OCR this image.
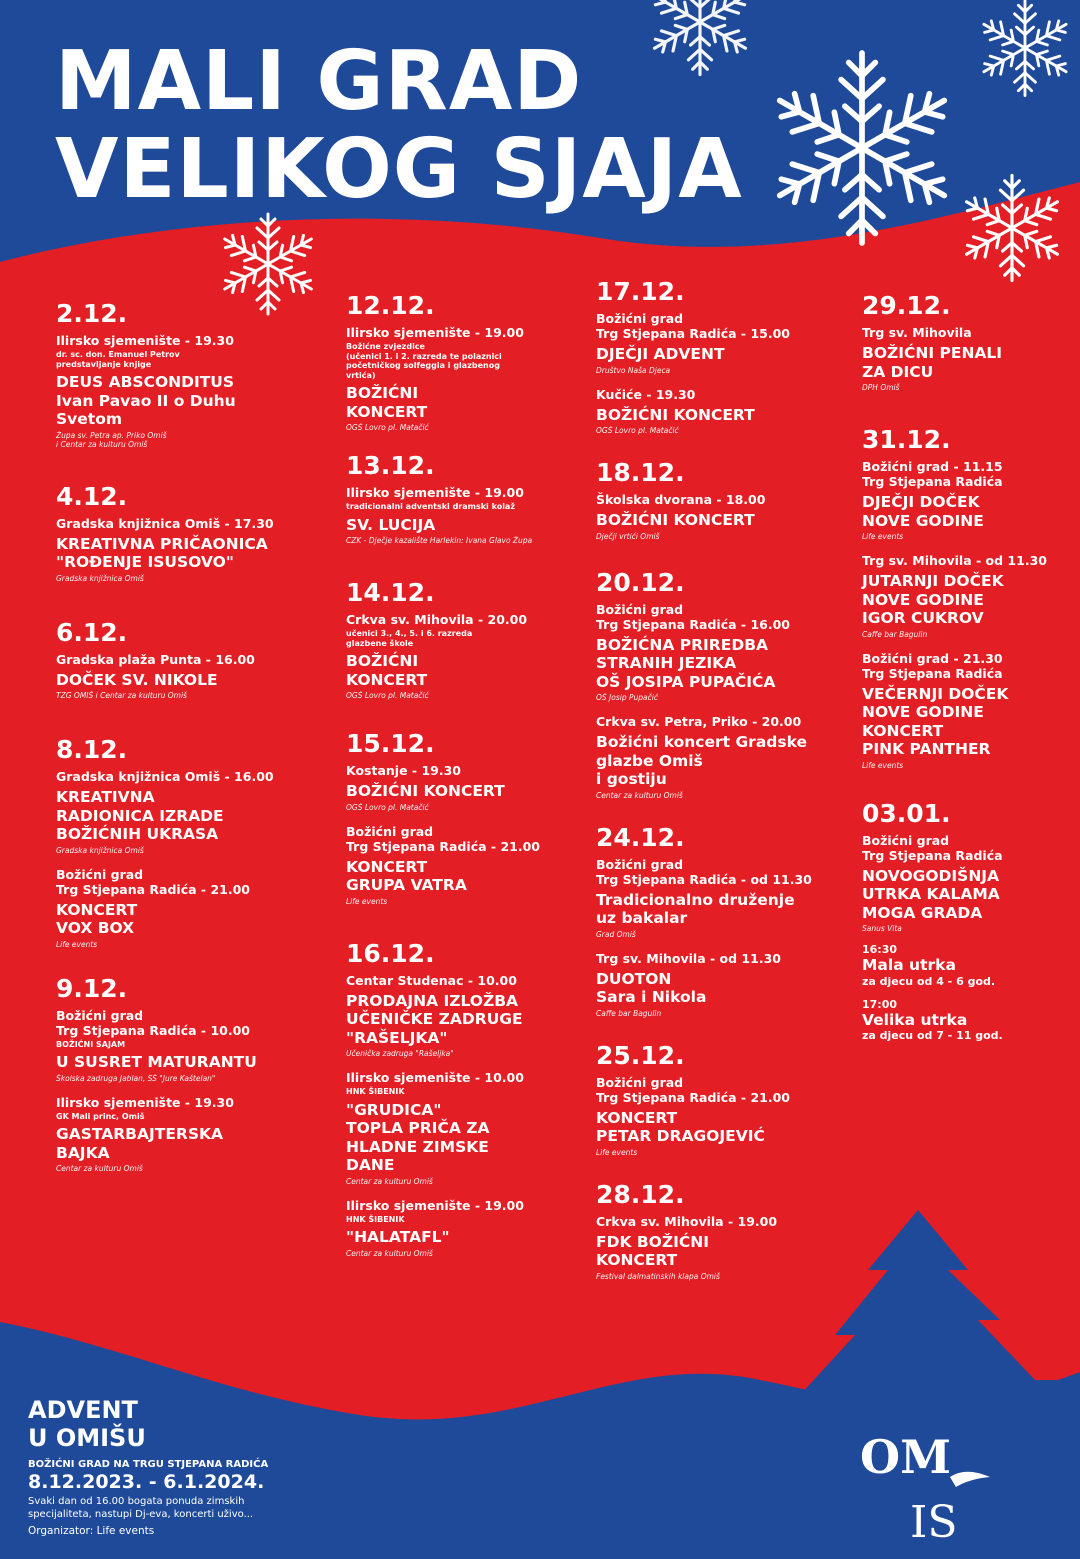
MALI GRAD
VELIKOG SJAJA

2.12.

Ilirsko sjemenište - 19.30

dr. sc. don. Emanuel Petrov
predstavljanje knjige

DEUS ABSCONDITUS
Ivan Pavao II o Duhu
Svetom

Župa sv. Petra ap. Priko Omiš
i Centar za kulturu Omiš

4.12.

Gradska knjižnica Omiš - 17.30

KREATIVNA PRIČAONICA
"ROĐENJE ISUSOVO"

Gradska knjižnica Omiš

6.12.

Gradska plaža Punta - 16.00

DOČEK SV. NIKOLE

TZG OMIŠ i Centar za kulturu Omiš

8.12.

Gradska knjižnica Omiš - 16.00

KREATIVNA
RADIONICA IZRADE
BOŽIĆNIH UKRASA

Gradska knjižnica Omiš

Božićni grad
Trg Stjepana Radića - 21.00

KONCERT
VOX BOX

Life events

9.12.

Božićni grad
Trg Stjepana Radića - 10.00

BOŽIĆNI SAJAM

U SUSRET MATURANTU

Školska zadruga Jablan, SŠ "Jure Kaštelan"

Ilirsko sjemenište - 19.30

GK Mali princ, Omiš

GASTARBAJTERSKA
BAJKA

Centar za kulturu Omiš

12.12.

Ilirsko sjemenište - 19.00

Božićne zvjezdice
(učenici 1. i 2. razreda te polaznici
početničkog solfeggia i glazbenog
vrtića)

BOŽIĆNI
KONCERT

OGŠ Lovro pl. Matačić

13.12.

Ilirsko sjemenište - 19.00

tradicionalni adventski dramski kolaž

SV. LUCIJA

CZK - Dječje kazalište Harlekin: Ivana Glavo Župa

14.12.

Crkva sv. Mihovila - 20.00

učenici 3., 4., 5. i 6. razreda
glazbene škole

BOŽIĆNI
KONCERT

OGŠ Lovro pl. Matačić

15.12.

Kostanje - 19.30

BOŽIĆNI KONCERT

OGŠ Lovro pl. Matačić

Božićni grad
Trg Stjepana Radića - 21.00

KONCERT
GRUPA VATRA

Life events

16.12.

Centar Studenac - 10.00

PRODAJNA IZLOŽBA
UČENIČKE ZADRUGE
"RAŠELJKA"

Učenička zadruga "Rašeljka"

Ilirsko sjemenište - 10.00

HNK ŠIBENIK

"GRUDICA"
TOPLA PRIČA ZA
HLADNE ZIMSKE
DANE

Centar za kulturu Omiš

Ilirsko sjemenište - 19.00

HNK ŠIBENIK

"HALATAFL"

Centar za kulturu Omiš

17.12.

Božićni grad
Trg Stjepana Radića - 15.00

DJEČJI ADVENT

Društvo Naša Djeca

Kučiće - 19.30

BOŽIĆNI KONCERT

OGŠ Lovro pl. Matačić

18.12.

Školska dvorana - 18.00

BOŽIĆNI KONCERT

Dječji vrtići Omiš

20.12.

Božićni grad
Trg Stjepana Radića - 16.00

BOŽIĆNA PRIREDBA
STRANIH JEZIKA
OŠ JOSIPA PUPAČIĆA

OŠ Josip Pupačić

Crkva sv. Petra, Priko - 20.00

Božićni koncert Gradske
glazbe Omiš
i gostiju

Centar za kulturu Omiš

24.12.

Božićni grad
Trg Stjepana Radića - od 11.30

Tradicionalno druženje
uz bakalar

Grad Omiš

Trg sv. Mihovila - od 11.30

DUOTON
Sara i Nikola

Caffe bar Bagulin

25.12.

Božićni grad
Trg Stjepana Radića - 21.00

KONCERT
PETAR DRAGOJEVIĆ

Life events

28.12.

Crkva sv. Mihovila - 19.00

FDK BOŽIĆNI
KONCERT

Festival dalmatinskih klapa Omiš

29.12.

Trg sv. Mihovila

BOŽIĆNI PENALI
ZA DICU

DPH Omiš

31.12.

Božićni grad - 11.15
Trg Stjepana Radića

DJEČJI DOČEK
NOVE GODINE

Life events

Trg sv. Mihovila - od 11.30

JUTARNJI DOČEK
NOVE GODINE
IGOR CUKROV

Caffe bar Bagulin

Božićni grad - 21.30
Trg Stjepana Radića

VEČERNJI DOČEK
NOVE GODINE
KONCERT
PINK PANTHER

Life events

03.01.

Božićni grad
Trg Stjepana Radića

NOVOGODIŠNJA
UTRKA KALAMA
MOGA GRADA

Sanus Vita

16:30

Mala utrka

za djecu od 4 - 6 god.

17:00

Velika utrka

za djecu od 7 - 11 god.

ADVENT
U OMIŠU

BOŽIĆNI GRAD NA TRGU STJEPANA RADIĆA

8.12.2023. - 6.1.2024.

Svaki dan od 16.00 bogata ponuda zimskih
specijaliteta, nastupi Dj-eva, koncerti uživo...

Organizator: Life events

OM
IS
